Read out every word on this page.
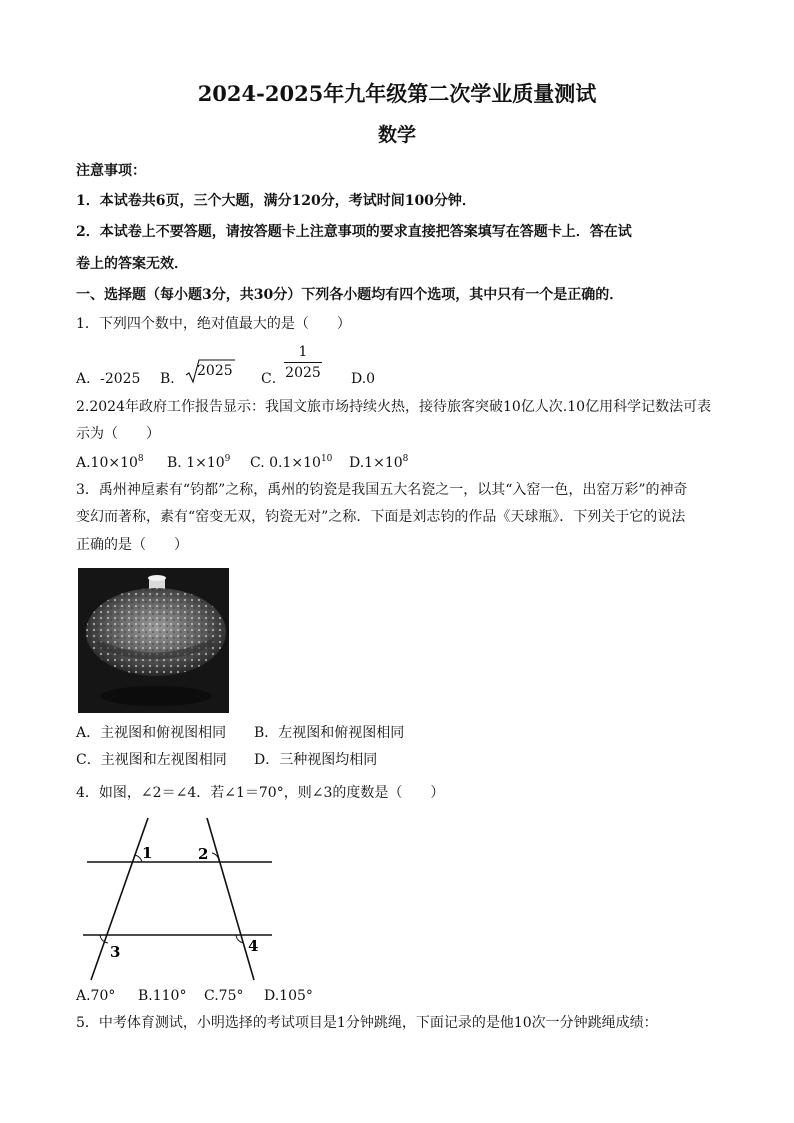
2024-2025年九年级第二次学业质量测试
数学
注意事项：
1．本试卷共6页，三个大题，满分120分，考试时间100分钟．
2．本试卷上不要答题，请按答题卡上注意事项的要求直接把答案填写在答题卡上．答在试
卷上的答案无效．
一、选择题（每小题3分，共30分）下列各小题均有四个选项，其中只有一个是正确的．
1．下列四个数中，绝对值最大的是（　　）
A．-2025 B． 2025 C．
1
2025 D.0
2.2024年政府工作报告显示：我国文旅市场持续火热，接待旅客突破10亿人次.10亿用科学记数法可表
示为（　　）
$A.10\times 10^8$ B. $1\times 10^9$ C. $0.1\times 10^{10}$ $D.1\times 10^8$
3．禹州神垕素有“钧都”之称，禹州的钧瓷是我国五大名瓷之一，以其“入窑一色，出窑万彩”的神奇
变幻而著称，素有“窑变无双，钧瓷无对”之称．下面是刘志钧的作品《天球瓶》．下列关于它的说法
正确的是（　　）
A．主视图和俯视图相同 B．左视图和俯视图相同
C．主视图和左视图相同 D．三种视图均相同
4．如图，∠2＝∠4．若∠1＝70°，则∠3的度数是（　　）
1	2
3	4
A.70° B.110° C.75° D.105°
5．中考体育测试，小明选择的考试项目是1分钟跳绳，下面记录的是他10次一分钟跳绳成绩：
